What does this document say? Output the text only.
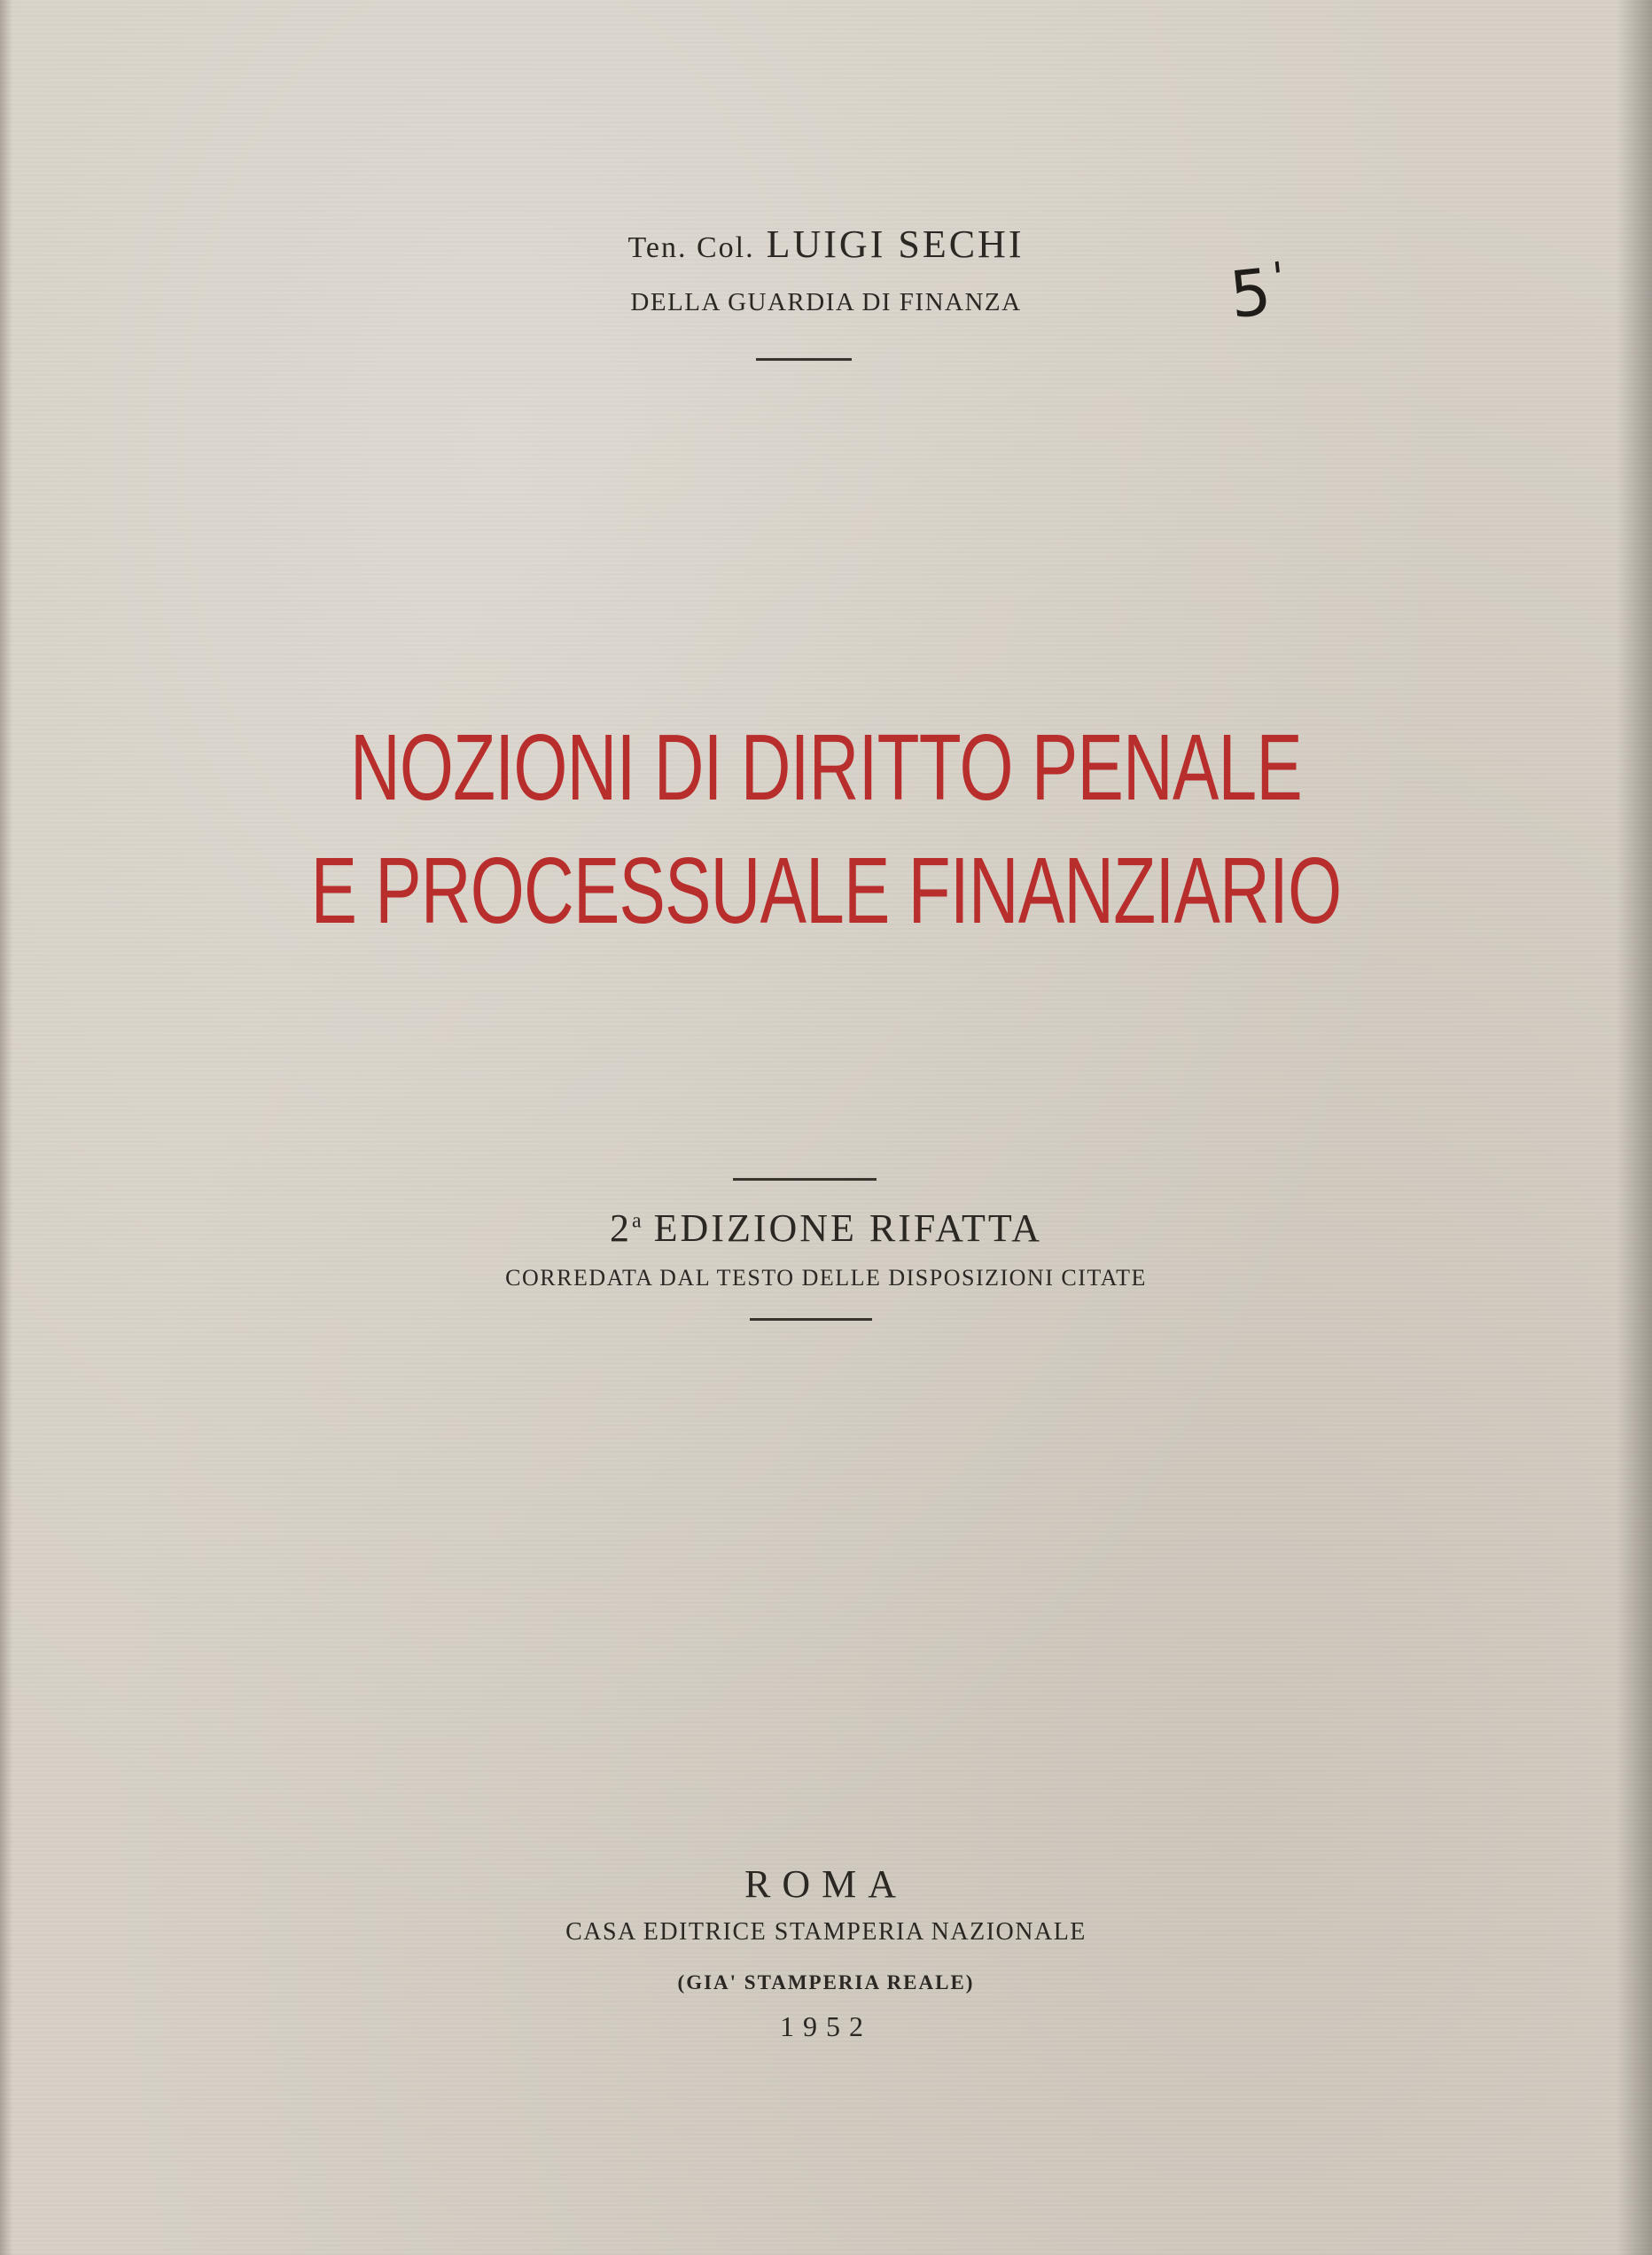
Ten. Col. LUIGI SECHI
DELLA GUARDIA DI FINANZA	5'
NOZIONI DI DIRITTO PENALE
E PROCESSUALE FINANZIARIO
2$^a$ EDIZIONE RIFATTA
CORREDATA DAL TESTO DELLE DISPOSIZIONI CITATE
ROMA
CASA EDITRICE STAMPERIA NAZIONALE
(GIA' STAMPERIA REALE)
1952
